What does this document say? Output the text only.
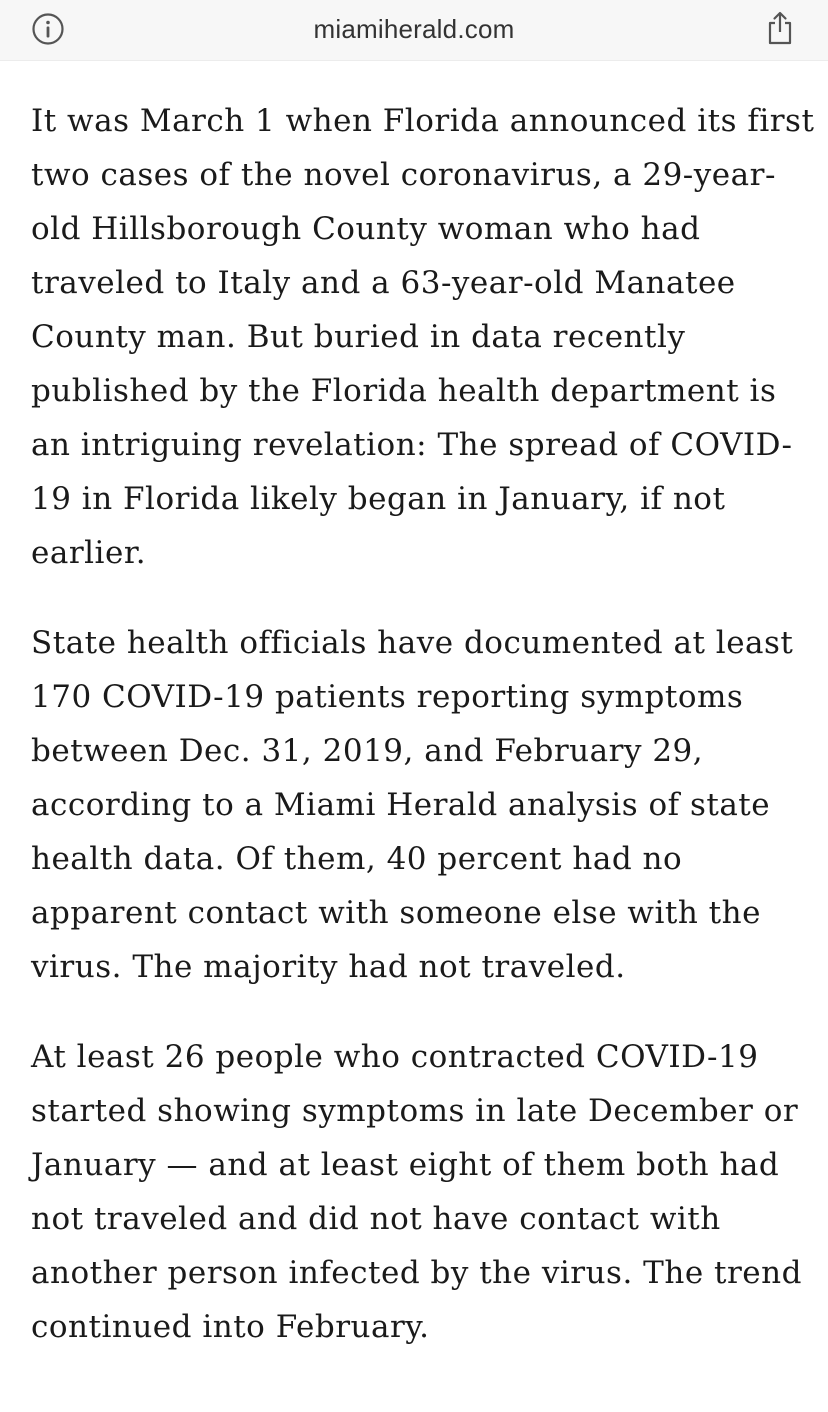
miamiherald.com

It was March 1 when Florida announced its first two cases of the novel coronavirus, a 29-year-old Hillsborough County woman who had traveled to Italy and a 63-year-old Manatee County man. But buried in data recently published by the Florida health department is an intriguing revelation: The spread of COVID-19 in Florida likely began in January, if not earlier.

State health officials have documented at least 170 COVID-19 patients reporting symptoms between Dec. 31, 2019, and February 29, according to a Miami Herald analysis of state health data. Of them, 40 percent had no apparent contact with someone else with the virus. The majority had not traveled.

At least 26 people who contracted COVID-19 started showing symptoms in late December or January — and at least eight of them both had not traveled and did not have contact with another person infected by the virus. The trend continued into February.
